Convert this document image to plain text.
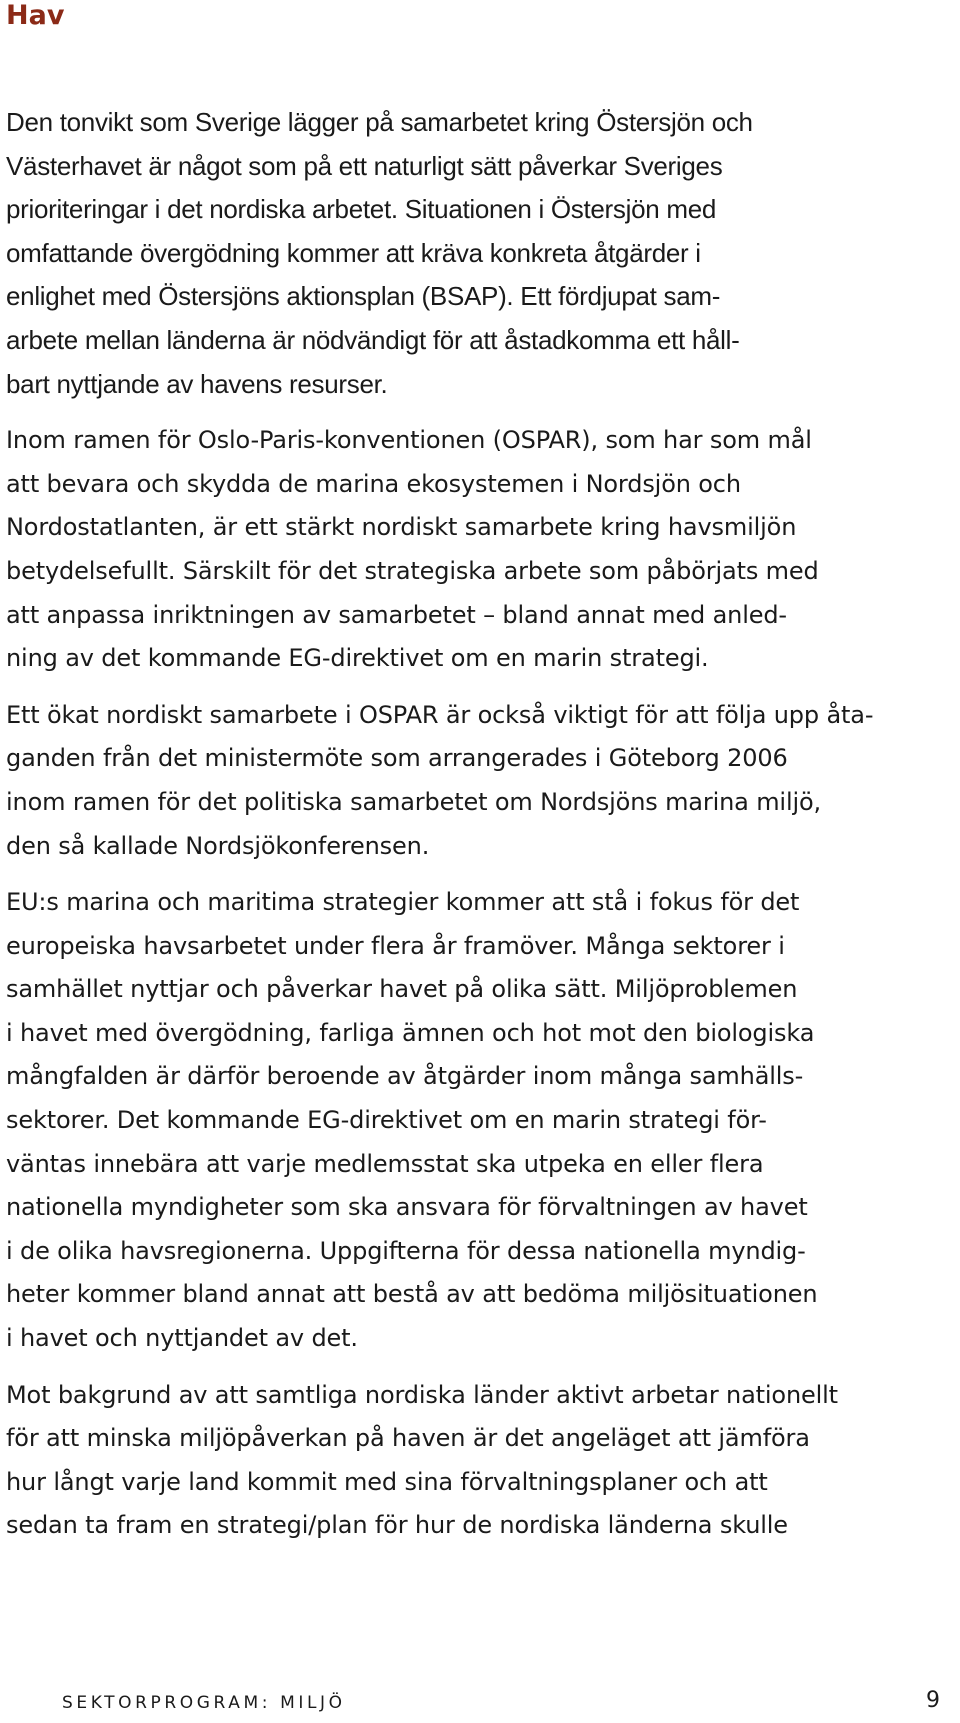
Hav

Den tonvikt som Sverige lägger på samarbetet kring Östersjön och
Västerhavet är något som på ett naturligt sätt påverkar Sveriges
prioriteringar i det nordiska arbetet. Situationen i Östersjön med
omfattande övergödning kommer att kräva konkreta åtgärder i
enlighet med Östersjöns aktionsplan (BSAP). Ett fördjupat sam-
arbete mellan länderna är nödvändigt för att åstadkomma ett håll-
bart nyttjande av havens resurser.

Inom ramen för Oslo-Paris-konventionen (OSPAR), som har som mål
att bevara och skydda de marina ekosystemen i Nordsjön och
Nordostatlanten, är ett stärkt nordiskt samarbete kring havsmiljön
betydelsefullt. Särskilt för det strategiska arbete som påbörjats med
att anpassa inriktningen av samarbetet – bland annat med anled-
ning av det kommande EG-direktivet om en marin strategi.

Ett ökat nordiskt samarbete i OSPAR är också viktigt för att följa upp åta-
ganden från det ministermöte som arrangerades i Göteborg 2006
inom ramen för det politiska samarbetet om Nordsjöns marina miljö,
den så kallade Nordsjökonferensen.

EU:s marina och maritima strategier kommer att stå i fokus för det
europeiska havsarbetet under flera år framöver. Många sektorer i
samhället nyttjar och påverkar havet på olika sätt. Miljöproblemen
i havet med övergödning, farliga ämnen och hot mot den biologiska
mångfalden är därför beroende av åtgärder inom många samhälls-
sektorer. Det kommande EG-direktivet om en marin strategi för-
väntas innebära att varje medlemsstat ska utpeka en eller flera
nationella myndigheter som ska ansvara för förvaltningen av havet
i de olika havsregionerna. Uppgifterna för dessa nationella myndig-
heter kommer bland annat att bestå av att bedöma miljösituationen
i havet och nyttjandet av det.

Mot bakgrund av att samtliga nordiska länder aktivt arbetar nationellt
för att minska miljöpåverkan på haven är det angeläget att jämföra
hur långt varje land kommit med sina förvaltningsplaner och att
sedan ta fram en strategi/plan för hur de nordiska länderna skulle

SEKTORPROGRAM: MILJÖ	9
